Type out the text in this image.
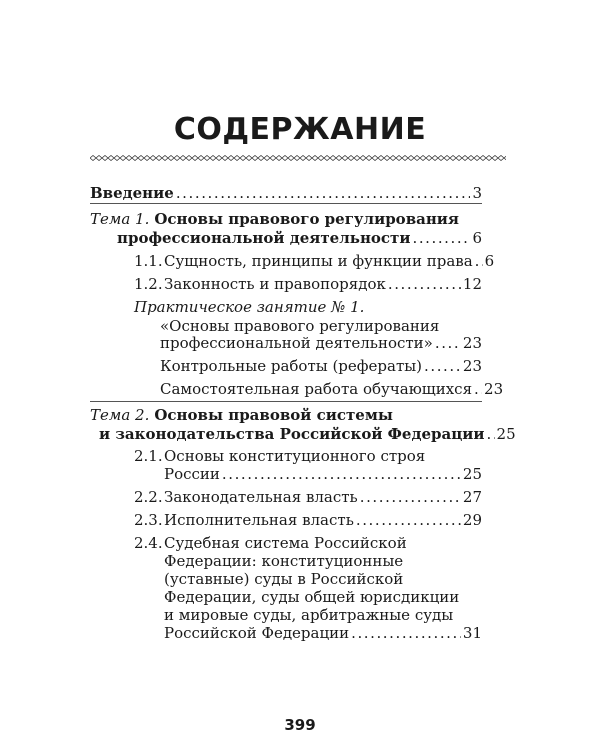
СОДЕРЖАНИЕ
Введение . . .	3
Тема 1. Основы правового регулирования
профессиональной деятельности . . .	6
1.1. Сущность, принципы и функции права . . . 6
1.2. Законность и правопорядок . . .	12
Практическое занятие № 1.
«Основы правового регулирования
профессиональной деятельности» . . . 23
Контрольные работы (рефераты) . . .	23
Самостоятельная работа обучающихся . . . 23
Тема 2. Основы правовой системы
и законодательства Российской Федерации . . . 25
2.1. Основы конституционного строя
России . . .	25
2.2. Законодательная власть . . .	27
2.3. Исполнительная власть . . .	29
2.4. Судебная система Российской
Федерации: конституционные
(уставные) суды в Российской
Федерации, суды общей юрисдикции
и мировые суды, арбитражные суды
Российской Федерации . . .	31
399
